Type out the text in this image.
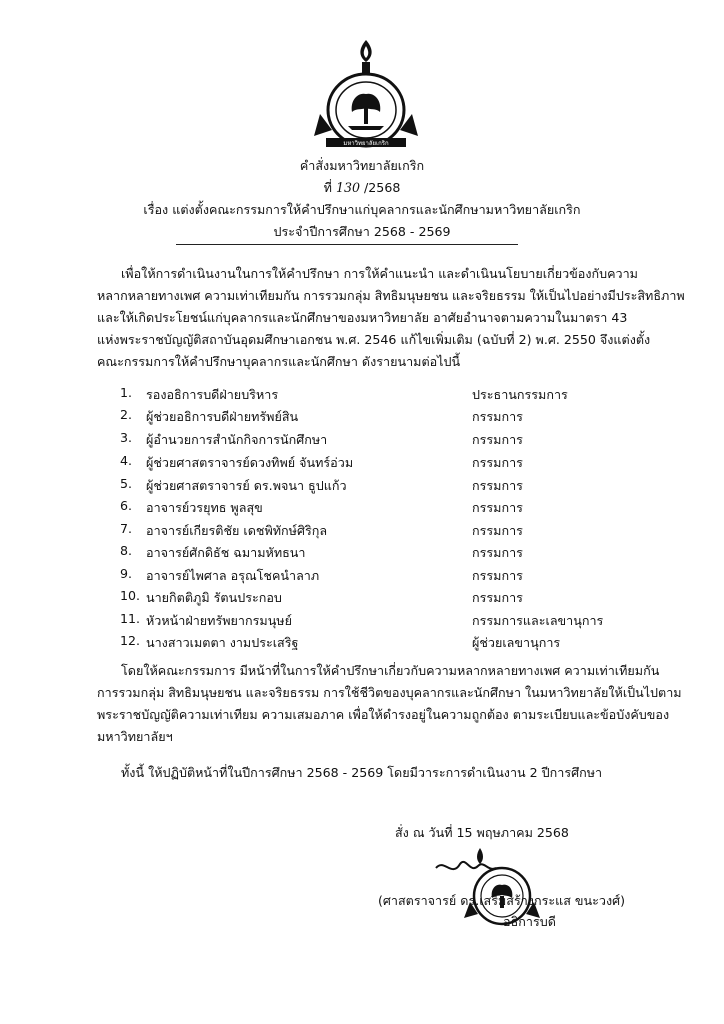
มหาวิทยาลัยเกริก
คำสั่งมหาวิทยาลัยเกริก
ที่ 130 /2568
เรื่อง แต่งตั้งคณะกรรมการให้คำปรึกษาแก่บุคลากรและนักศึกษามหาวิทยาลัยเกริก
ประจำปีการศึกษา 2568 - 2569
เพื่อให้การดำเนินงานในการให้คำปรึกษา การให้คำแนะนำ และดำเนินนโยบายเกี่ยวข้องกับความ
หลากหลายทางเพศ ความเท่าเทียมกัน การรวมกลุ่ม สิทธิมนุษยชน และจริยธรรม ให้เป็นไปอย่างมีประสิทธิภาพ
และให้เกิดประโยชน์แก่บุคลากรและนักศึกษาของมหาวิทยาลัย อาศัยอำนาจตามความในมาตรา 43
แห่งพระราชบัญญัติสถาบันอุดมศึกษาเอกชน พ.ศ. 2546 แก้ไขเพิ่มเติม (ฉบับที่ 2) พ.ศ. 2550 จึงแต่งตั้ง
คณะกรรมการให้คำปรึกษาบุคลากรและนักศึกษา ดังรายนามต่อไปนี้
1.	รองอธิการบดีฝ่ายบริหาร	ประธานกรรมการ
2.	ผู้ช่วยอธิการบดีฝ่ายทรัพย์สิน	กรรมการ
3.	ผู้อำนวยการสำนักกิจการนักศึกษา	กรรมการ
4.	ผู้ช่วยศาสตราจารย์ดวงทิพย์ จันทร์อ่วม	กรรมการ
5.	ผู้ช่วยศาสตราจารย์ ดร.พจนา ธูปแก้ว	กรรมการ
6.	อาจารย์วรยุทธ พูลสุข	กรรมการ
7.	อาจารย์เกียรติชัย เดชพิทักษ์ศิริกุล	กรรมการ
8.	อาจารย์ศักดิธัช ฉมามหัทธนา	กรรมการ
9.	อาจารย์ไพศาล อรุณโชคนำลาภ	กรรมการ
10. นายกิตติภูมิ รัตนประกอบ	กรรมการ
11. หัวหน้าฝ่ายทรัพยากรมนุษย์	กรรมการและเลขานุการ
12. นางสาวเมตตา งามประเสริฐ	ผู้ช่วยเลขานุการ
โดยให้คณะกรรมการ มีหน้าที่ในการให้คำปรึกษาเกี่ยวกับความหลากหลายทางเพศ ความเท่าเทียมกัน
การรวมกลุ่ม สิทธิมนุษยชน และจริยธรรม การใช้ชีวิตของบุคลากรและนักศึกษา ในมหาวิทยาลัยให้เป็นไปตาม
พระราชบัญญัติความเท่าเทียม ความเสมอภาค เพื่อให้ดำรงอยู่ในความถูกต้อง ตามระเบียบและข้อบังคับของ
มหาวิทยาลัยฯ
ทั้งนี้ ให้ปฏิบัติหน้าที่ในปีการศึกษา 2568 - 2569 โดยมีวาระการดำเนินงาน 2 ปีการศึกษา
สั่ง ณ วันที่ 15 พฤษภาคม 2568
(ศาสตราจารย์ ดร.เสริมสร้างกระแส ขนะวงศ์)
อธิการบดี
